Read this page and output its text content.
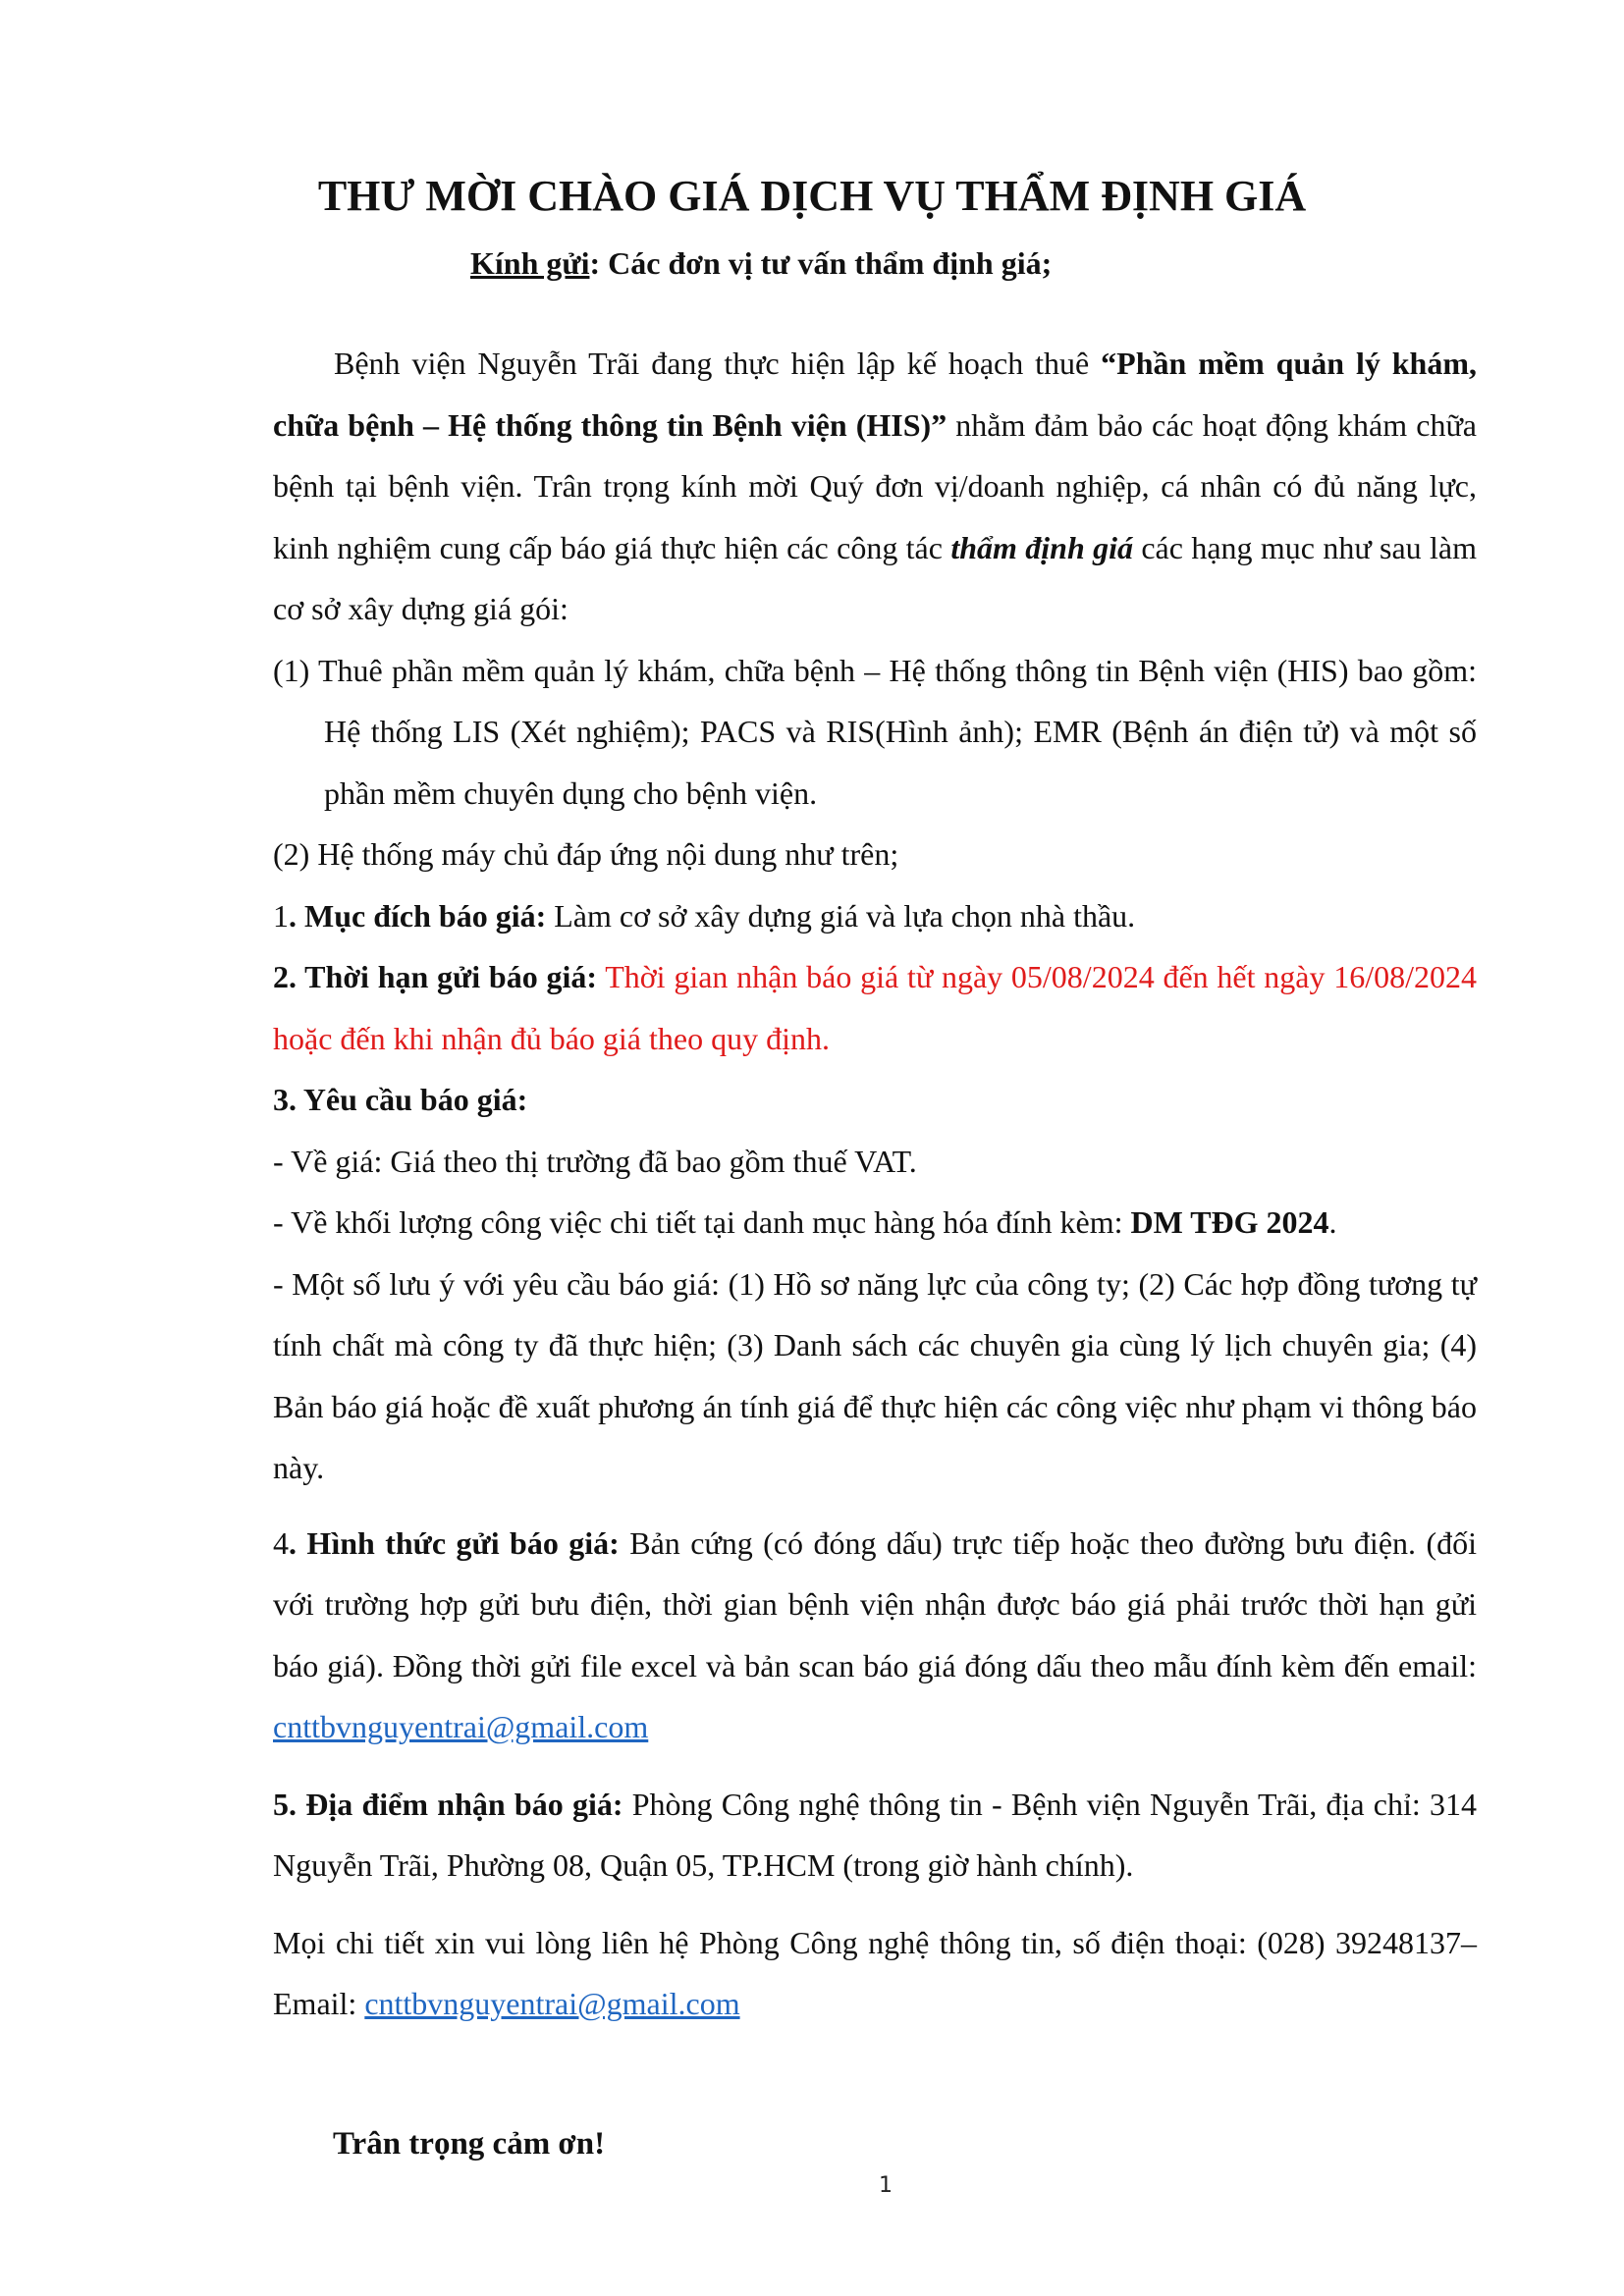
THƯ MỜI CHÀO GIÁ DỊCH VỤ THẨM ĐỊNH GIÁ
Kính gửi: Các đơn vị tư vấn thẩm định giá;

Bệnh viện Nguyễn Trãi đang thực hiện lập kế hoạch thuê “Phần mềm quản lý khám, chữa bệnh – Hệ thống thông tin Bệnh viện (HIS)” nhằm đảm bảo các hoạt động khám chữa bệnh tại bệnh viện. Trân trọng kính mời Quý đơn vị/doanh nghiệp, cá nhân có đủ năng lực, kinh nghiệm cung cấp báo giá thực hiện các công tác thẩm định giá các hạng mục như sau làm cơ sở xây dựng giá gói:

(1) Thuê phần mềm quản lý khám, chữa bệnh – Hệ thống thông tin Bệnh viện (HIS) bao gồm: Hệ thống LIS (Xét nghiệm); PACS và RIS(Hình ảnh); EMR (Bệnh án điện tử) và một số phần mềm chuyên dụng cho bệnh viện.

(2) Hệ thống máy chủ đáp ứng nội dung như trên;

1. Mục đích báo giá: Làm cơ sở xây dựng giá và lựa chọn nhà thầu.

2. Thời hạn gửi báo giá: Thời gian nhận báo giá từ ngày 05/08/2024 đến hết ngày 16/08/2024 hoặc đến khi nhận đủ báo giá theo quy định.

3. Yêu cầu báo giá:

- Về giá: Giá theo thị trường đã bao gồm thuế VAT.

- Về khối lượng công việc chi tiết tại danh mục hàng hóa đính kèm: DM TĐG 2024.

- Một số lưu ý với yêu cầu báo giá: (1) Hồ sơ năng lực của công ty; (2) Các hợp đồng tương tự tính chất mà công ty đã thực hiện; (3) Danh sách các chuyên gia cùng lý lịch chuyên gia; (4) Bản báo giá hoặc đề xuất phương án tính giá để thực hiện các công việc như phạm vi thông báo này.

4. Hình thức gửi báo giá: Bản cứng (có đóng dấu) trực tiếp hoặc theo đường bưu điện. (đối với trường hợp gửi bưu điện, thời gian bệnh viện nhận được báo giá phải trước thời hạn gửi báo giá). Đồng thời gửi file excel và bản scan báo giá đóng dấu theo mẫu đính kèm đến email: cnttbvnguyentrai@gmail.com

5. Địa điểm nhận báo giá: Phòng Công nghệ thông tin - Bệnh viện Nguyễn Trãi, địa chỉ: 314 Nguyễn Trãi, Phường 08, Quận 05, TP.HCM (trong giờ hành chính).

Mọi chi tiết xin vui lòng liên hệ Phòng Công nghệ thông tin, số điện thoại: (028) 39248137– Email: cnttbvnguyentrai@gmail.com

Trân trọng cảm ơn!
1
